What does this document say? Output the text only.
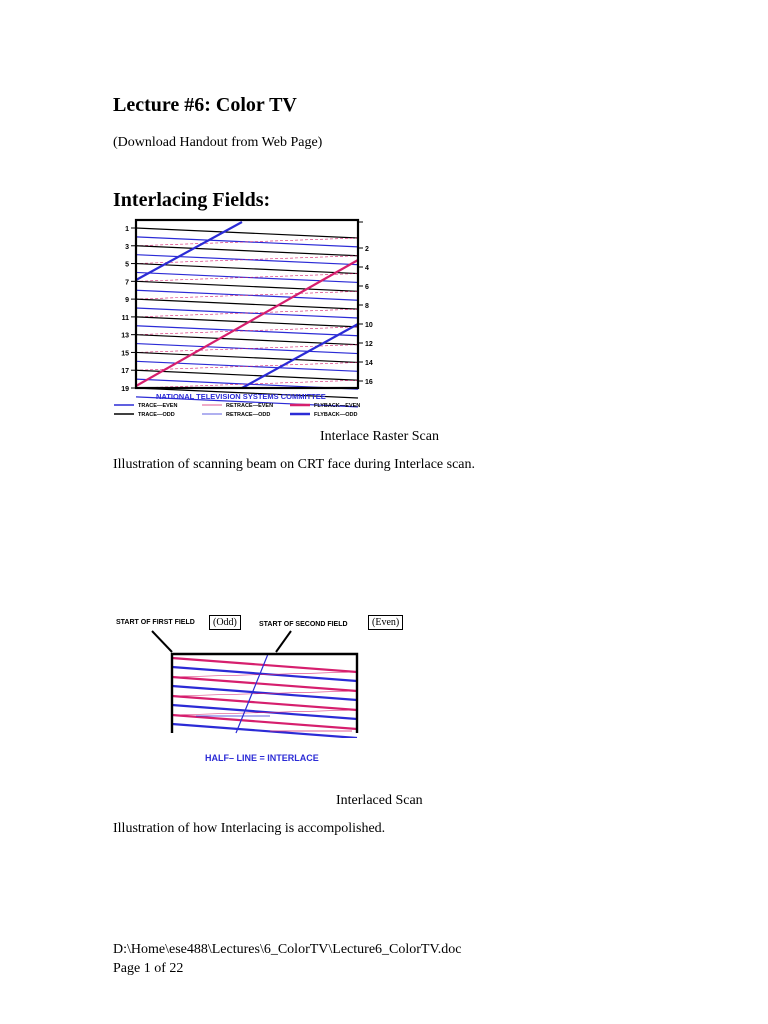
Lecture #6: Color TV
(Download Handout from Web Page)
Interlacing Fields:
1
3
5
7
9
11
13
15
17
19
2
4
6
8
10
12
14
16
NATIONAL TELEVISION SYSTEMS COMMITTEE
TRACE—EVEN	RETRACE—EVEN	FLYBACK—EVEN
TRACE—ODD	RETRACE—ODD	FLYBACK—ODD
Interlace Raster Scan
Illustration of scanning beam on CRT face during Interlace scan.
START OF FIRST FIELD	(Odd)	START OF SECOND FIELD	(Even)
HALF– LINE = INTERLACE
Interlaced Scan
Illustration of how Interlacing is accompolished.
D:\Home\ese488\Lectures\6_ColorTV\Lecture6_ColorTV.doc
Page 1 of 22
